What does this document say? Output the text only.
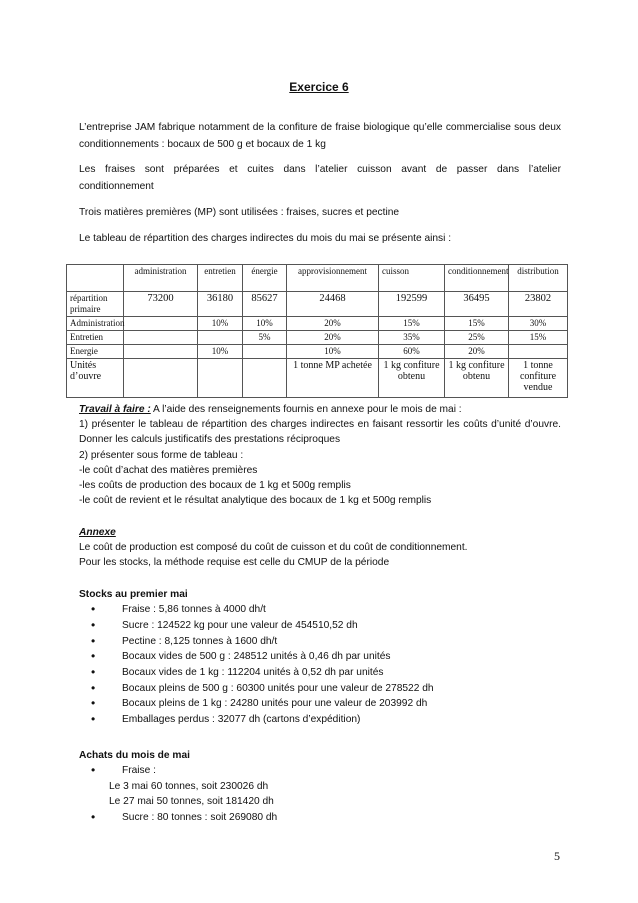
Exercice 6

L’entreprise JAM fabrique notamment de la confiture de fraise biologique qu’elle commercialise sous deux conditionnements : bocaux de 500 g et bocaux de 1 kg

Les fraises sont préparées et cuites dans l’atelier cuisson avant de passer dans l’atelier conditionnement

Trois matières premières (MP) sont utilisées : fraises, sucres et pectine

Le tableau de répartition des charges indirectes du mois du mai se présente ainsi :

	administration	entretien	énergie	approvisionnement	cuisson	conditionnement	distribution
répartition primaire	73200	36180	85627	24468	192599	36495	23802
Administration		10%	10%	20%	15%	15%	30%
Entretien			5%	20%	35%	25%	15%
Energie		10%		10%	60%	20%	
Unités d’ouvre				1 tonne MP achetée	1 kg confiture obtenu	1 kg confiture obtenu	1 tonne confiture vendue

Travail à faire : A l’aide des renseignements fournis en annexe pour le mois de mai :

1) présenter le tableau de répartition des charges indirectes en faisant ressortir les coûts d’unité d’ouvre. Donner les calculs justificatifs des prestations réciproques

2) présenter sous forme de tableau :

-le coût d’achat des matières premières

-les coûts de production des bocaux de 1 kg et 500g remplis

-le coût de revient et le résultat analytique des bocaux de 1 kg et 500g remplis

Annexe

Le coût de production est composé du coût de cuisson et du coût de conditionnement.

Pour les stocks, la méthode requise est celle du CMUP de la période

Stocks au premier mai

• Fraise : 5,86 tonnes à 4000 dh/t
• Sucre : 124522 kg pour une valeur de 454510,52 dh
• Pectine : 8,125 tonnes à 1600 dh/t
• Bocaux vides de 500 g : 248512 unités à 0,46 dh par unités
• Bocaux vides de 1 kg : 112204 unités à 0,52 dh par unités
• Bocaux pleins de 500 g : 60300 unités pour une valeur de 278522 dh
• Bocaux pleins de 1 kg : 24280 unités pour une valeur de 203992 dh
• Emballages perdus : 32077 dh (cartons d’expédition)

Achats du mois de mai

• Fraise :
Le 3 mai 60 tonnes, soit 230026 dh
Le 27 mai 50 tonnes, soit 181420 dh
• Sucre : 80 tonnes : soit 269080 dh
5
